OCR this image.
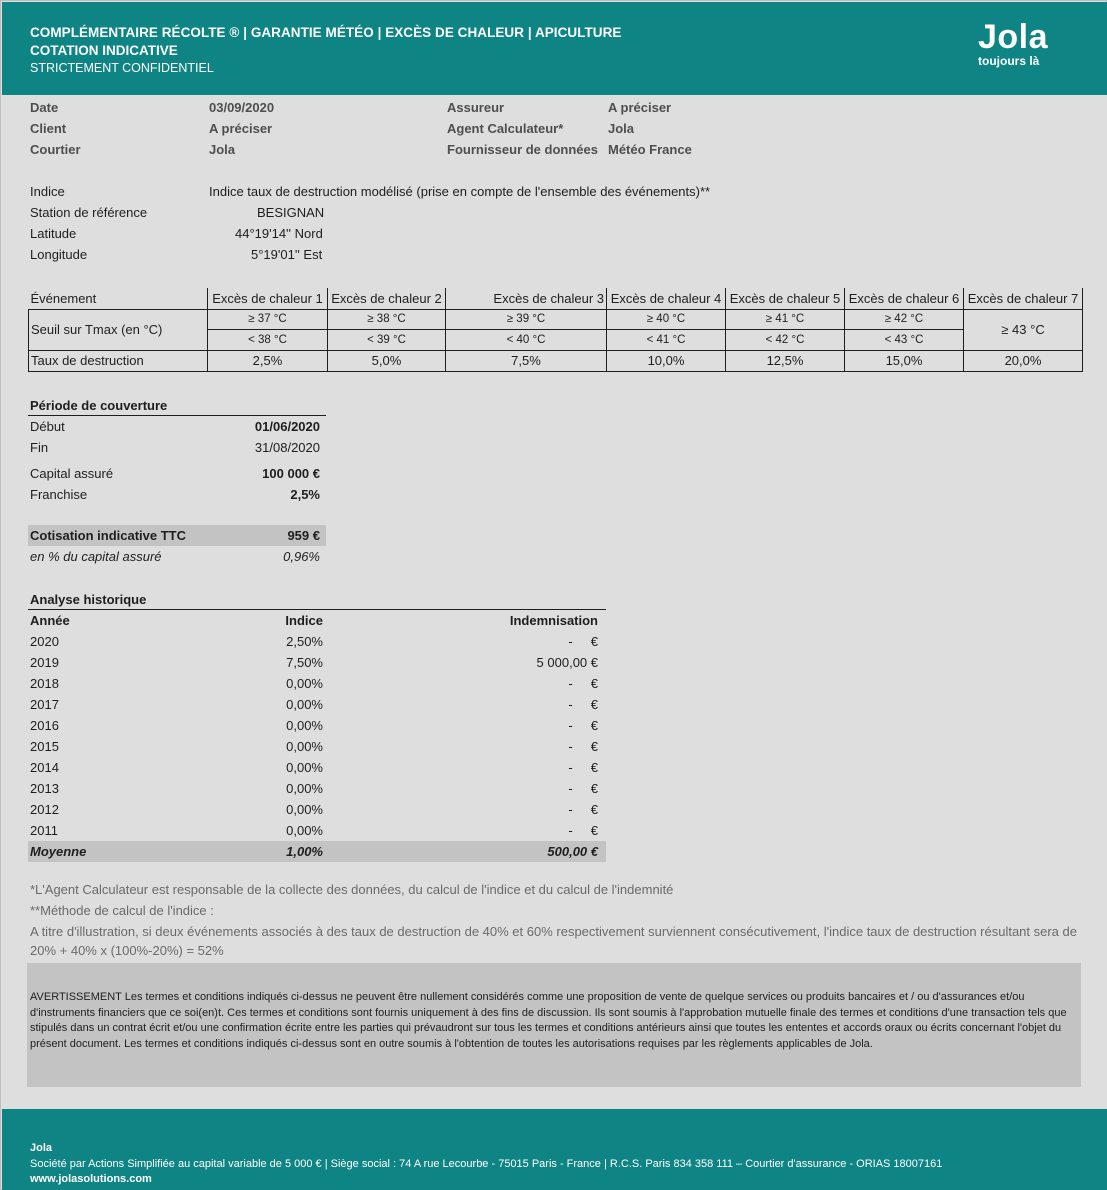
COMPLÉMENTAIRE RÉCOLTE ® | GARANTIE MÉTÉO | EXCÈS DE CHALEUR | APICULTURE
COTATION INDICATIVE
STRICTEMENT CONFIDENTIEL
Jola
toujours là
Date	03/09/2020
Client	A préciser
Courtier	Jola
Assureur	A préciser
Agent Calculateur*	Jola
Fournisseur de données Météo France
Indice	Indice taux de destruction modélisé (prise en compte de l'ensemble des événements)**
Station de référence	BESIGNAN
Latitude	44°19'14'' Nord
Longitude	5°19'01'' Est
Événement	Excès de chaleur 1	Excès de chaleur 2	Excès de chaleur 3	Excès de chaleur 4	Excès de chaleur 5	Excès de chaleur 6	Excès de chaleur 7
Seuil sur Tmax (en °C)	≥ 37 °C	≥ 38 °C	≥ 39 °C	≥ 40 °C	≥ 41 °C	≥ 42 °C	≥ 43 °C
	< 38 °C	< 39 °C	< 40 °C	< 41 °C	< 42 °C	< 43 °C	
Taux de destruction	2,5%	5,0%	7,5%	10,0%	12,5%	15,0%	20,0%
Période de couverture
Début	01/06/2020
Fin	31/08/2020
Capital assuré	100 000 €
Franchise	2,5%
Cotisation indicative TTC	959 €
en % du capital assuré	0,96%
Analyse historique
Année	Indice	Indemnisation
2020	2,50%	-     €
2019	7,50%	5 000,00 €
2018	0,00%	-     €
2017	0,00%	-     €
2016	0,00%	-     €
2015	0,00%	-     €
2014	0,00%	-     €
2013	0,00%	-     €
2012	0,00%	-     €
2011	0,00%	-     €
Moyenne	1,00%	500,00 €
*L'Agent Calculateur est responsable de la collecte des données, du calcul de l'indice et du calcul de l'indemnité
**Méthode de calcul de l'indice :
A titre d'illustration, si deux événements associés à des taux de destruction de 40% et 60% respectivement surviennent consécutivement, l'indice taux de destruction résultant sera de
20% + 40% x (100%-20%) = 52%
AVERTISSEMENT Les termes et conditions indiqués ci-dessus ne peuvent être nullement considérés comme une proposition de vente de quelque services ou produits bancaires et / ou d'assurances et/ou d'instruments financiers que ce soi(en)t. Ces termes et conditions sont fournis uniquement à des fins de discussion. Ils sont soumis à l'approbation mutuelle finale des termes et conditions d'une transaction tels que stipulés dans un contrat écrit et/ou une confirmation écrite entre les parties qui prévaudront sur tous les termes et conditions antérieurs ainsi que toutes les ententes et accords oraux ou écrits concernant l'objet du présent document. Les termes et conditions indiqués ci-dessus sont en outre soumis à l'obtention de toutes les autorisations requises par les règlements applicables de Jola.
Jola
Société par Actions Simplifiée au capital variable de 5 000 € | Siège social : 74 A rue Lecourbe - 75015 Paris - France | R.C.S. Paris 834 358 111 – Courtier d'assurance - ORIAS 18007161
www.jolasolutions.com
